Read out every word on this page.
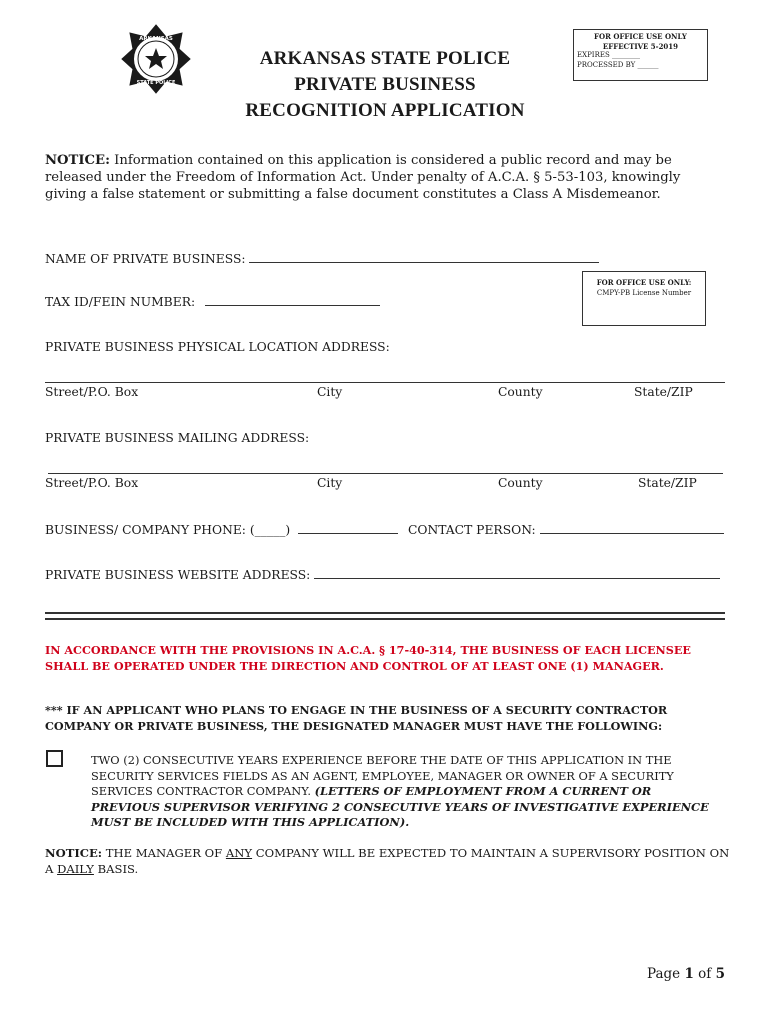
ARKANSAS
STATE POLICE
ARKANSAS STATE POLICE
PRIVATE BUSINESS
RECOGNITION APPLICATION
FOR OFFICE USE ONLY
EFFECTIVE 5-2019
EXPIRES ________
PROCESSED BY ______
NOTICE: Information contained on this application is considered a public record and may be released under the Freedom of Information Act. Under penalty of A.C.A. § 5-53-103, knowingly giving a false statement or submitting a false document constitutes a Class A Misdemeanor.
NAME OF PRIVATE BUSINESS:
FOR OFFICE USE ONLY:
CMPY-PB License Number
TAX ID/FEIN NUMBER:
PRIVATE BUSINESS PHYSICAL LOCATION ADDRESS:
Street/P.O. Box	City	County	State/ZIP
PRIVATE BUSINESS MAILING ADDRESS:
Street/P.O. Box	City	County	State/ZIP
BUSINESS/ COMPANY PHONE: (_____)	CONTACT PERSON:
PRIVATE BUSINESS WEBSITE ADDRESS:
IN ACCORDANCE WITH THE PROVISIONS IN A.C.A. § 17-40-314, THE BUSINESS OF EACH LICENSEE SHALL BE OPERATED UNDER THE DIRECTION AND CONTROL OF AT LEAST ONE (1) MANAGER.
*** IF AN APPLICANT WHO PLANS TO ENGAGE IN THE BUSINESS OF A SECURITY CONTRACTOR COMPANY OR PRIVATE BUSINESS, THE DESIGNATED MANAGER MUST HAVE THE FOLLOWING:
TWO (2) CONSECUTIVE YEARS EXPERIENCE BEFORE THE DATE OF THIS APPLICATION IN THE SECURITY SERVICES FIELDS AS AN AGENT, EMPLOYEE, MANAGER OR OWNER OF A SECURITY SERVICES CONTRACTOR COMPANY. (LETTERS OF EMPLOYMENT FROM A CURRENT OR PREVIOUS SUPERVISOR VERIFYING 2 CONSECUTIVE YEARS OF INVESTIGATIVE EXPERIENCE MUST BE INCLUDED WITH THIS APPLICATION).
NOTICE: THE MANAGER OF ANY COMPANY WILL BE EXPECTED TO MAINTAIN A SUPERVISORY POSITION ON A DAILY BASIS.
Page 1 of 5
